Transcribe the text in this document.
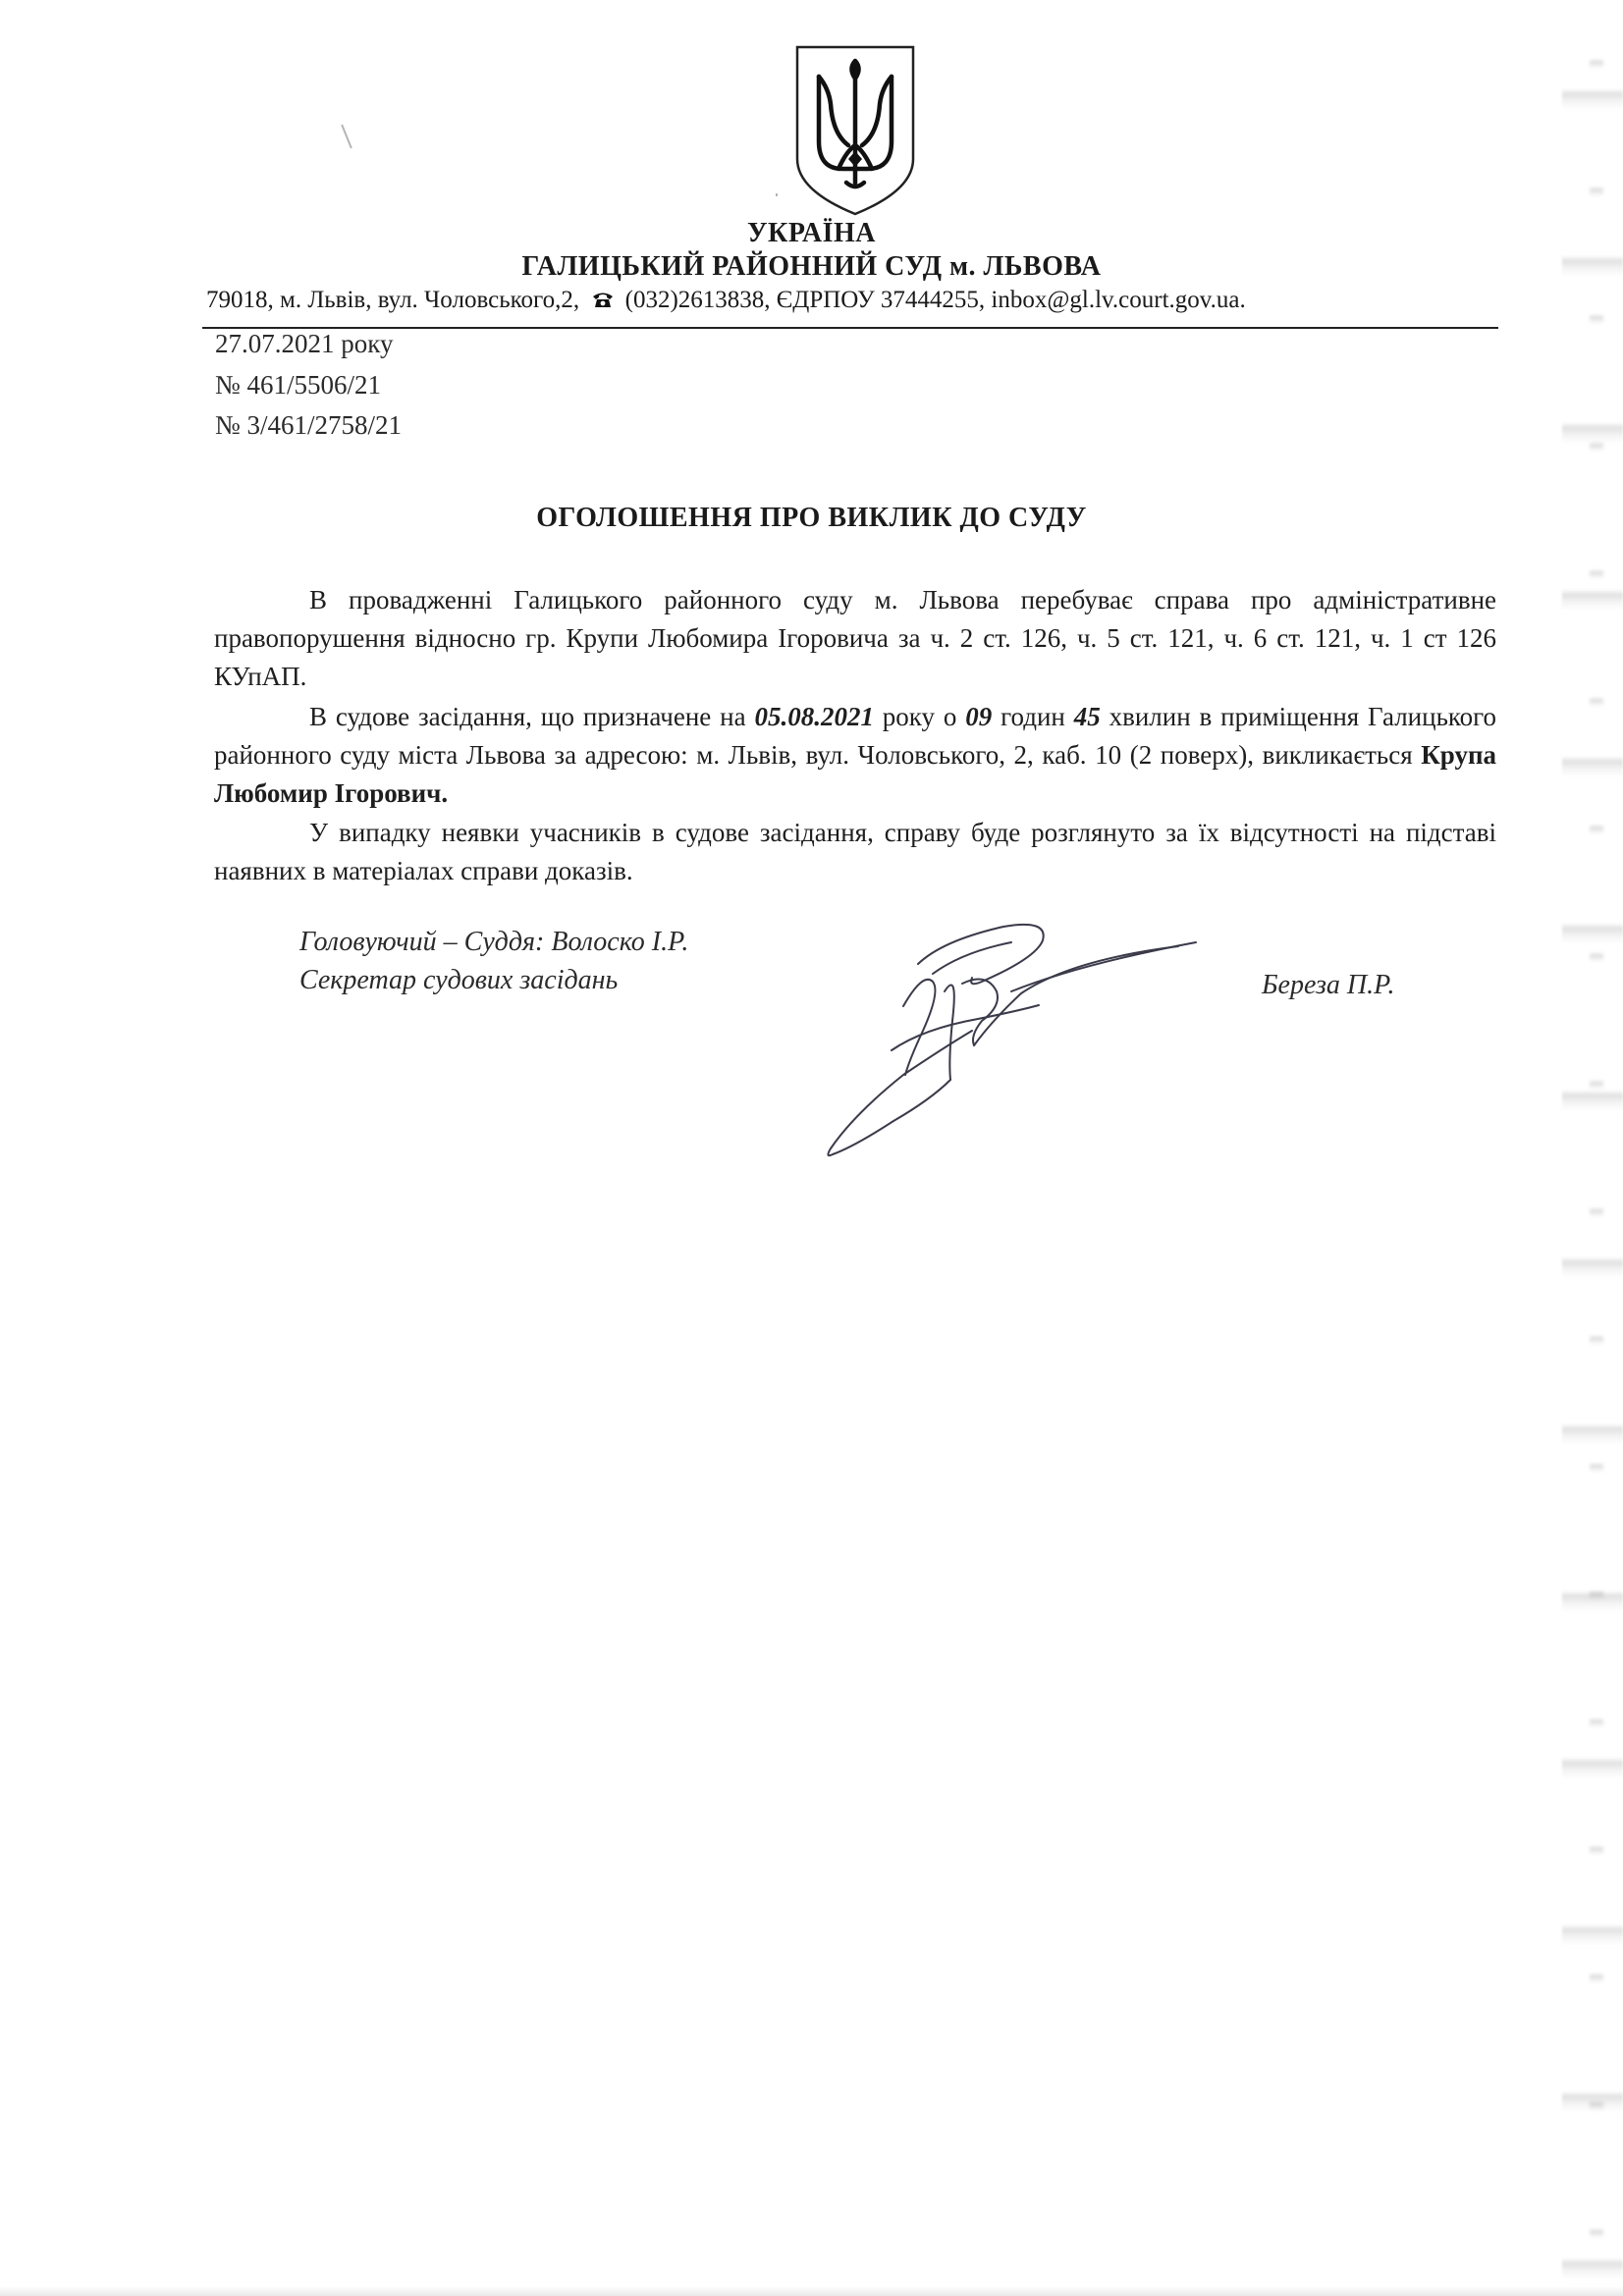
УКРАЇНА
ГАЛИЦЬКИЙ РАЙОННИЙ СУД м. ЛЬВОВА
79018, м. Львів, вул. Чоловського,2, (032)2613838, ЄДРПОУ 37444255, inbox@gl.lv.court.gov.ua.
27.07.2021 року
№ 461/5506/21
№ 3/461/2758/21
ОГОЛОШЕННЯ ПРО ВИКЛИК ДО СУДУ

В провадженні Галицького районного суду м. Львова перебуває справа про адміністративне правопорушення відносно гр. Крупи Любомира Ігоровича за ч. 2 ст. 126, ч. 5 ст. 121, ч. 6 ст. 121, ч. 1 ст 126 КУпАП.

В судове засідання, що призначене на 05.08.2021 року о 09 годин 45 хвилин в приміщення Галицького районного суду міста Львова за адресою: м. Львів, вул. Чоловського, 2, каб. 10 (2 поверх), викликається Крупа Любомир Ігорович.

У випадку неявки учасників в судове засідання, справу буде розглянуто за їх відсутності на підставі наявних в матеріалах справи доказів.

Головуючий – Суддя: Волоско І.Р.
Секретар судових засідань	Береза П.Р.
